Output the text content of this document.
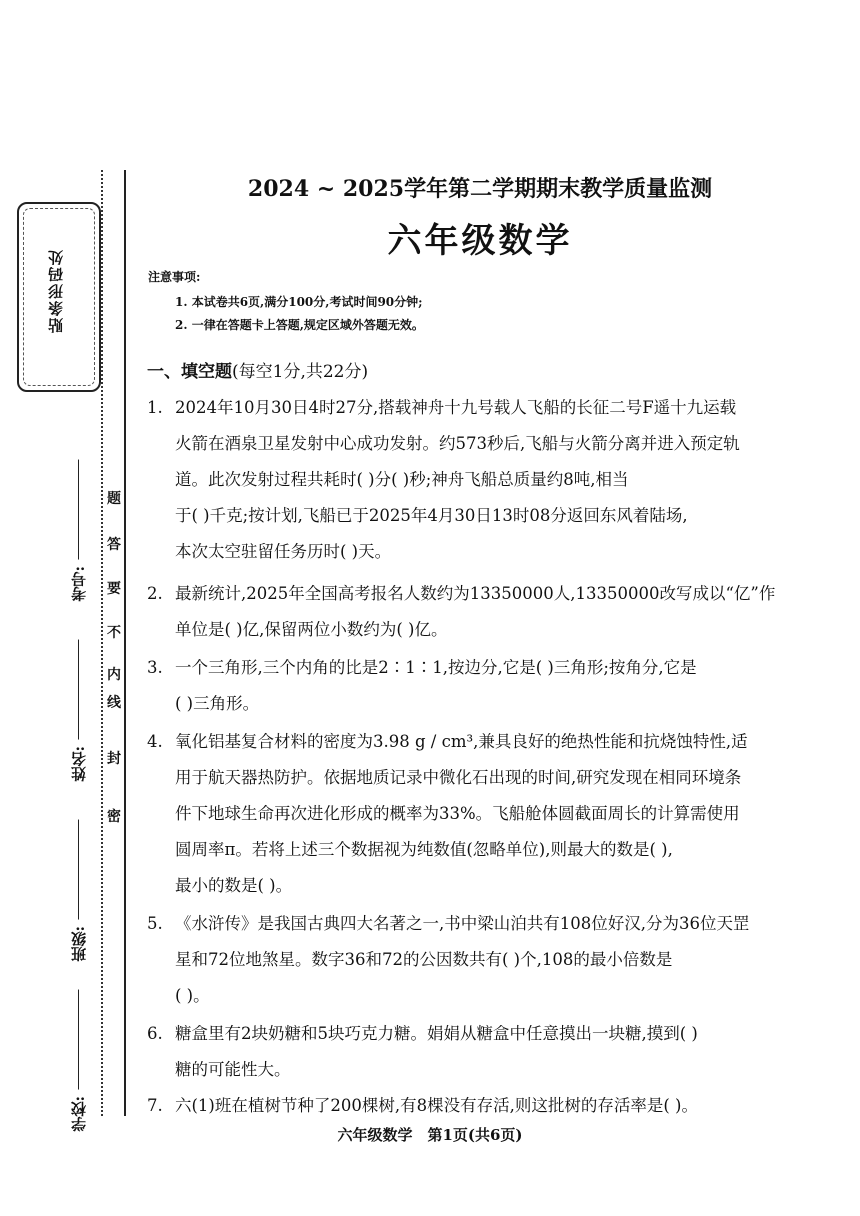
贴条形码处
学校:
班级:
姓名:
考号:
密
封
线
内
不
要
答
题
2024 ~ 2025学年第二学期期末教学质量监测
六年级数学
注意事项:
1. 本试卷共6页,满分100分,考试时间90分钟;
2. 一律在答题卡上答题,规定区域外答题无效。
一、填空题(每空1分,共22分)
1. 2024年10月30日4时27分,搭载神舟十九号载人飞船的长征二号F遥十九运载
火箭在酒泉卫星发射中心成功发射。约573秒后,飞船与火箭分离并进入预定轨
道。此次发射过程共耗时( )分( )秒;神舟飞船总质量约8吨,相当
于( )千克;按计划,飞船已于2025年4月30日13时08分返回东风着陆场,
本次太空驻留任务历时( )天。
2. 最新统计,2025年全国高考报名人数约为13350000人,13350000改写成以“亿”作
单位是( )亿,保留两位小数约为( )亿。
3. 一个三角形,三个内角的比是2∶1∶1,按边分,它是( )三角形;按角分,它是
( )三角形。
4. 氧化铝基复合材料的密度为3.98 g / cm³,兼具良好的绝热性能和抗烧蚀特性,适
用于航天器热防护。依据地质记录中微化石出现的时间,研究发现在相同环境条
件下地球生命再次进化形成的概率为33%。飞船舱体圆截面周长的计算需使用
圆周率π。若将上述三个数据视为纯数值(忽略单位),则最大的数是( ),
最小的数是( )。
5. 《水浒传》是我国古典四大名著之一,书中梁山泊共有108位好汉,分为36位天罡
星和72位地煞星。数字36和72的公因数共有( )个,108的最小倍数是
( )。
6. 糖盒里有2块奶糖和5块巧克力糖。娟娟从糖盒中任意摸出一块糖,摸到( )
糖的可能性大。
7. 六(1)班在植树节种了200棵树,有8棵没有存活,则这批树的存活率是( )。
六年级数学　第1页(共6页)
